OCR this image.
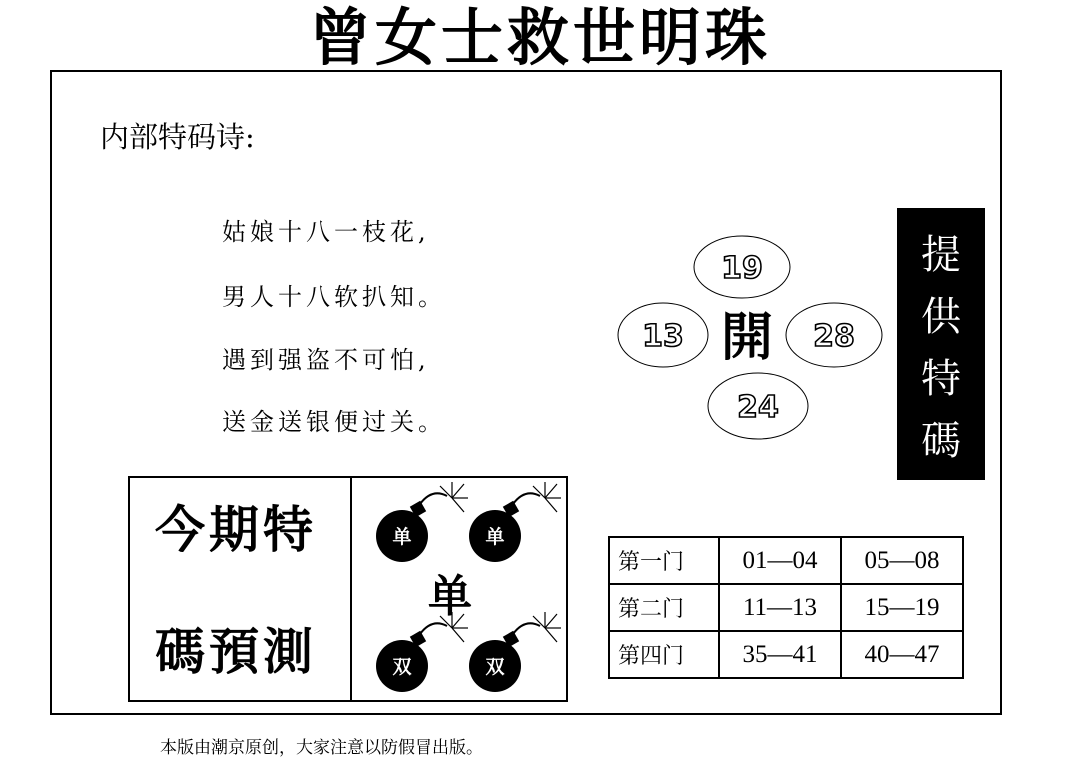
曾女士救世明珠
内部特码诗:
姑娘十八一枝花,
男人十八软扒知。
遇到强盗不可怕,
送金送银便过关。
19
13	28
24
開
提
供
特
碼
今期特
碼預測
单	单
双	双
单
第一门	01—04	05—08
第二门	11—13	15—19
第四门	35—41	40—47
本版由潮京原创，大家注意以防假冒出版。
